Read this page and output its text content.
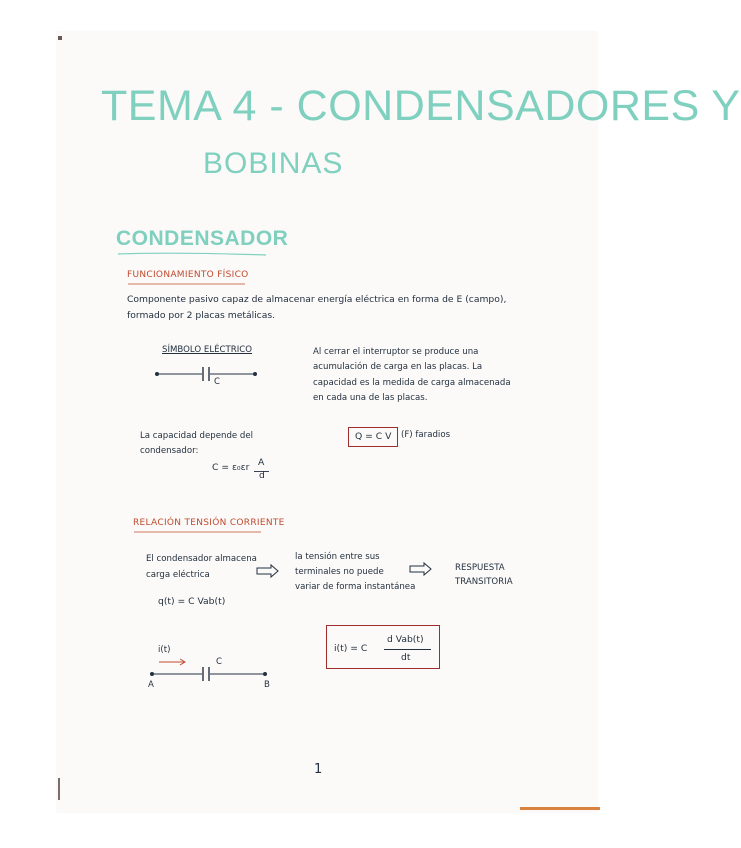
TEMA 4 - CONDENSADORES Y
BOBINAS
CONDENSADOR
FUNCIONAMIENTO FÍSICO
Componente pasivo capaz de almacenar energía eléctrica en forma de E (campo),
formado por 2 placas metálicas.
SÍMBOLO ELÉCTRICO
C
Al cerrar el interruptor se produce una
acumulación de carga en las placas. La
capacidad es la medida de carga almacenada
en cada una de las placas.
Q = C V	(F) faradios
La capacidad depende del
condensador:
C = ε₀εr A
d
RELACIÓN TENSIÓN CORRIENTE
El condensador almacena
carga eléctrica
la tensión entre sus
terminales no puede
variar de forma instantánea
RESPUESTA
TRANSITORIA
q(t) = C Vab(t)
i(t)
C
A	B
i(t) = C
d Vab(t)
dt
1
